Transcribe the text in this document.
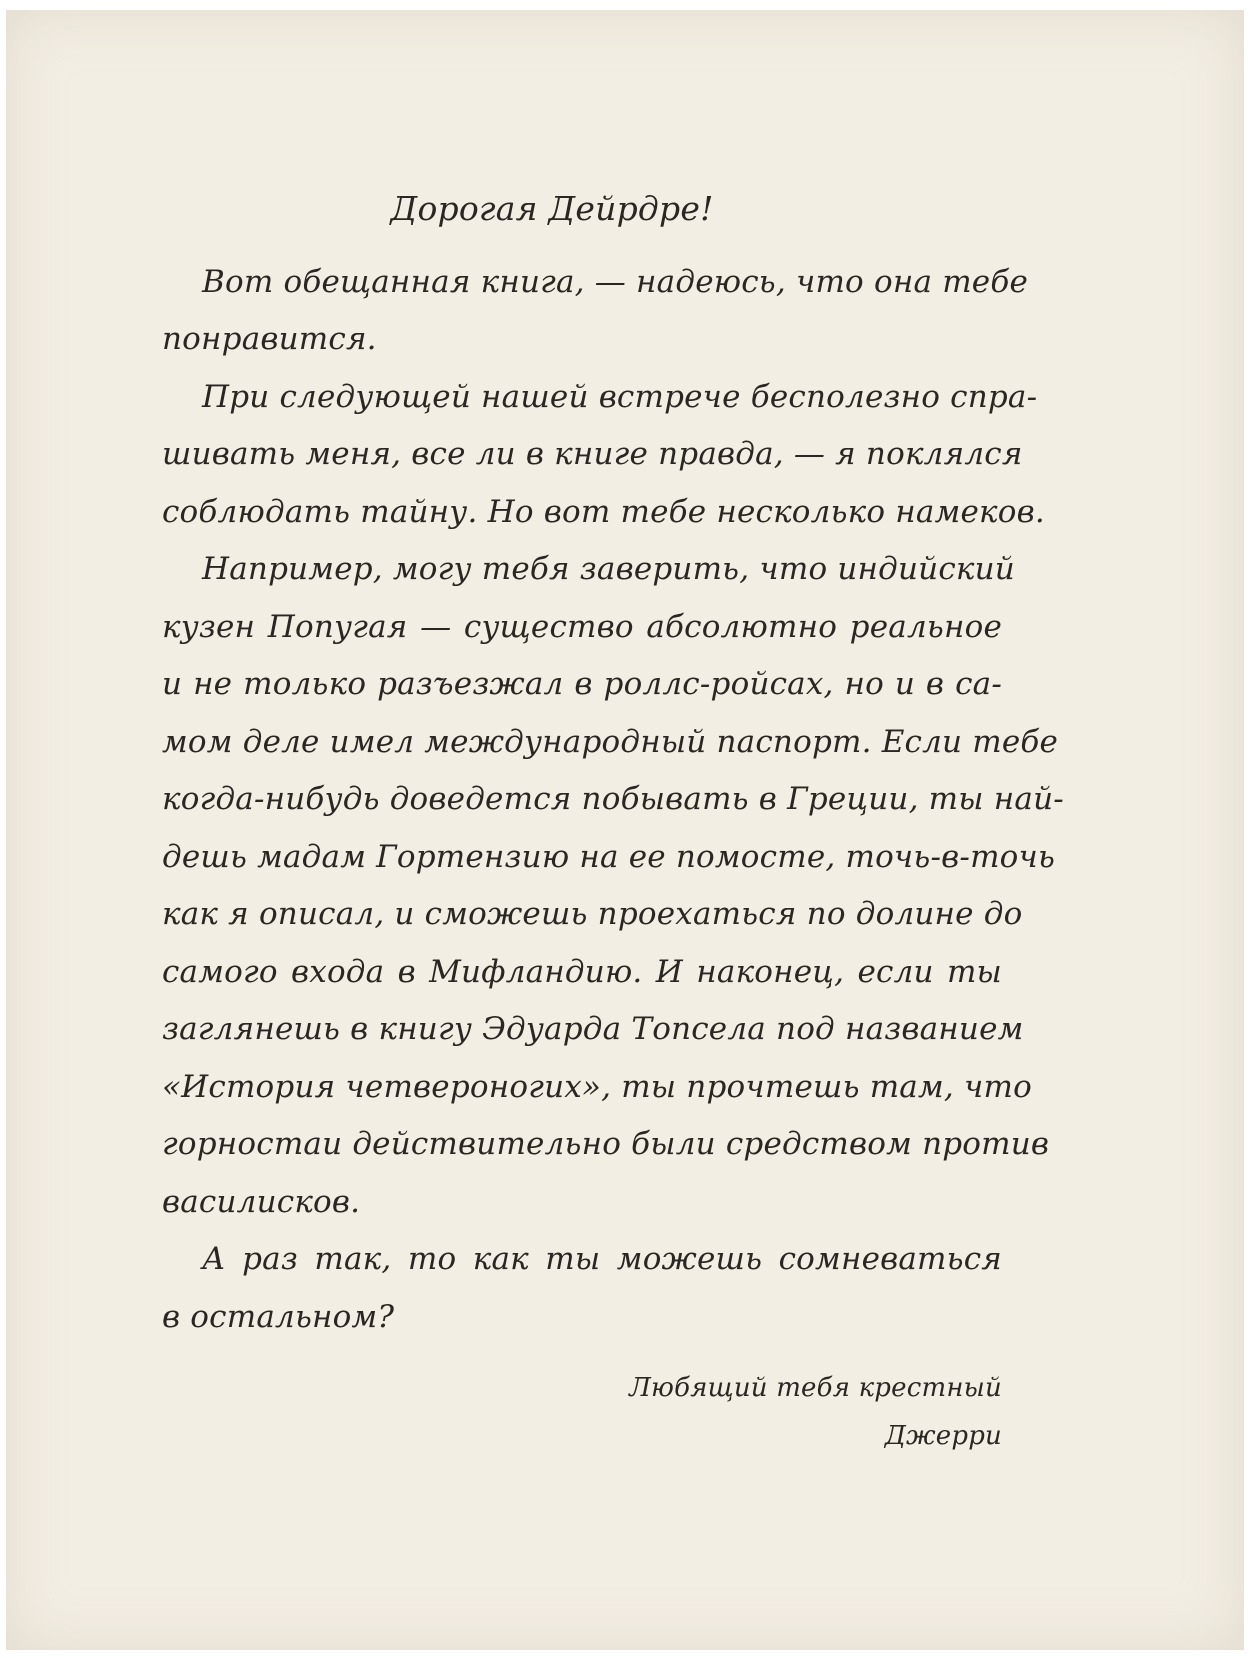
Дорогая Дейрдре!
Вот обещанная книга, — надеюсь, что она тебе
понравится.
При следующей нашей встрече бесполезно спра-
шивать меня, все ли в книге правда, — я поклялся
соблюдать тайну. Но вот тебе несколько намеков.
Например, могу тебя заверить, что индийский
кузен Попугая — существо абсолютно реальное
и не только разъезжал в роллс-ройсах, но и в са-
мом деле имел международный паспорт. Если тебе
когда-нибудь доведется побывать в Греции, ты най-
дешь мадам Гортензию на ее помосте, точь-в-точь
как я описал, и сможешь проехаться по долине до
самого входа в Мифландию. И наконец, если ты
заглянешь в книгу Эдуарда Топсела под названием
«История четвероногих», ты прочтешь там, что
горностаи действительно были средством против
василисков.
А раз так, то как ты можешь сомневаться
в остальном?
Любящий тебя крестный
Джерри
